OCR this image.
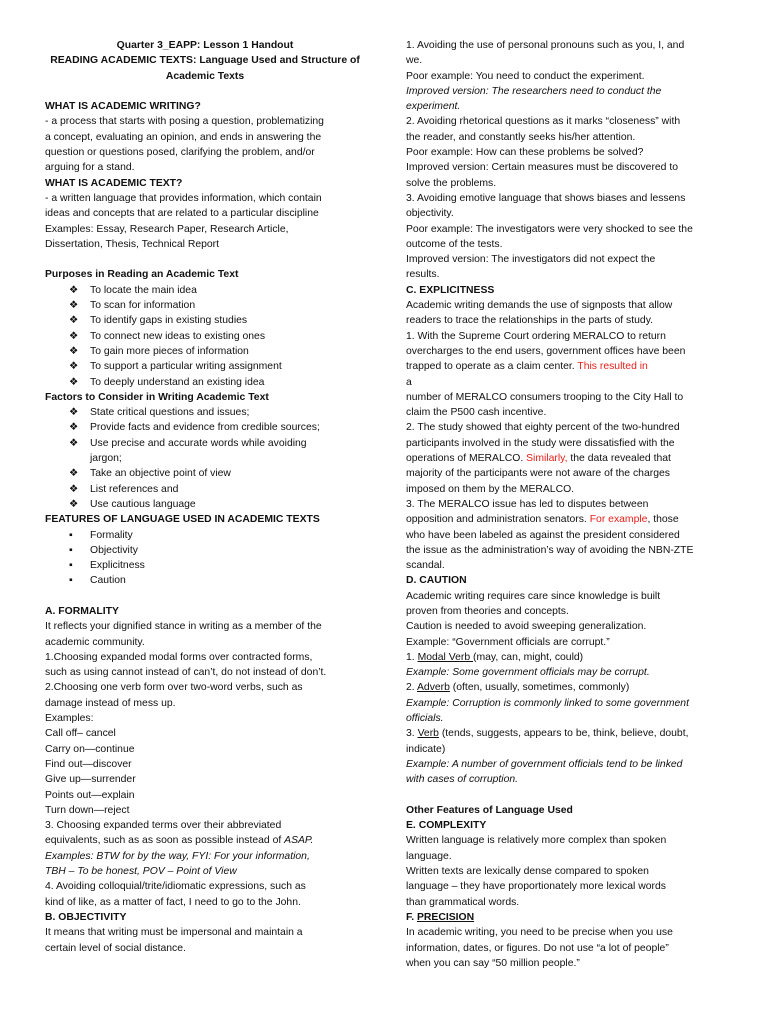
Quarter 3_EAPP: Lesson 1 Handout
READING ACADEMIC TEXTS: Language Used and Structure of
Academic Texts
WHAT IS ACADEMIC WRITING?
- a process that starts with posing a question, problematizing
a concept, evaluating an opinion, and ends in answering the
question or questions posed, clarifying the problem, and/or
arguing for a stand.
WHAT IS ACADEMIC TEXT?
- a written language that provides information, which contain
ideas and concepts that are related to a particular discipline
Examples: Essay, Research Paper, Research Article,
Dissertation, Thesis, Technical Report
Purposes in Reading an Academic Text
❖ To locate the main idea
❖ To scan for information
❖ To identify gaps in existing studies
❖ To connect new ideas to existing ones
❖ To gain more pieces of information
❖ To support a particular writing assignment
❖ To deeply understand an existing idea
Factors to Consider in Writing Academic Text
❖ State critical questions and issues;
❖ Provide facts and evidence from credible sources;
❖ Use precise and accurate words while avoiding
jargon;
❖ Take an objective point of view
❖ List references and
❖ Use cautious language
FEATURES OF LANGUAGE USED IN ACADEMIC TEXTS
▪ Formality
▪ Objectivity
▪ Explicitness
▪ Caution
A. FORMALITY
It reflects your dignified stance in writing as a member of the
academic community.
1.Choosing expanded modal forms over contracted forms,
such as using cannot instead of can’t, do not instead of don’t.
2.Choosing one verb form over two-word verbs, such as
damage instead of mess up.
Examples:
Call off– cancel
Carry on—continue
Find out—discover
Give up—surrender
Points out—explain
Turn down—reject
3. Choosing expanded terms over their abbreviated
equivalents, such as as soon as possible instead of ASAP.
Examples: BTW for by the way, FYI: For your information,
TBH – To be honest, POV – Point of View
4. Avoiding colloquial/trite/idiomatic expressions, such as
kind of like, as a matter of fact, I need to go to the John.
B. OBJECTIVITY
It means that writing must be impersonal and maintain a
certain level of social distance.
1. Avoiding the use of personal pronouns such as you, I, and
we.
Poor example: You need to conduct the experiment.
Improved version: The researchers need to conduct the
experiment.
2. Avoiding rhetorical questions as it marks “closeness” with
the reader, and constantly seeks his/her attention.
Poor example: How can these problems be solved?
Improved version: Certain measures must be discovered to
solve the problems.
3. Avoiding emotive language that shows biases and lessens
objectivity.
Poor example: The investigators were very shocked to see the
outcome of the tests.
Improved version: The investigators did not expect the
results.
C. EXPLICITNESS
Academic writing demands the use of signposts that allow
readers to trace the relationships in the parts of study.
1. With the Supreme Court ordering MERALCO to return
overcharges to the end users, government offices have been
trapped to operate as a claim center. This resulted in
a
number of MERALCO consumers trooping to the City Hall to
claim the P500 cash incentive.
2. The study showed that eighty percent of the two-hundred
participants involved in the study were dissatisfied with the
operations of MERALCO. Similarly, the data revealed that
majority of the participants were not aware of the charges
imposed on them by the MERALCO.
3. The MERALCO issue has led to disputes between
opposition and administration senators. For example, those
who have been labeled as against the president considered
the issue as the administration’s way of avoiding the NBN-ZTE
scandal.
D. CAUTION
Academic writing requires care since knowledge is built
proven from theories and concepts.
Caution is needed to avoid sweeping generalization.
Example: “Government officials are corrupt.”
1. Modal Verb (may, can, might, could)
Example: Some government officials may be corrupt.
2. Adverb (often, usually, sometimes, commonly)
Example: Corruption is commonly linked to some government
officials.
3. Verb (tends, suggests, appears to be, think, believe, doubt,
indicate)
Example: A number of government officials tend to be linked
with cases of corruption.
Other Features of Language Used
E. COMPLEXITY
Written language is relatively more complex than spoken
language.
Written texts are lexically dense compared to spoken
language – they have proportionately more lexical words
than grammatical words.
F. PRECISION
In academic writing, you need to be precise when you use
information, dates, or figures. Do not use “a lot of people”
when you can say “50 million people.”
